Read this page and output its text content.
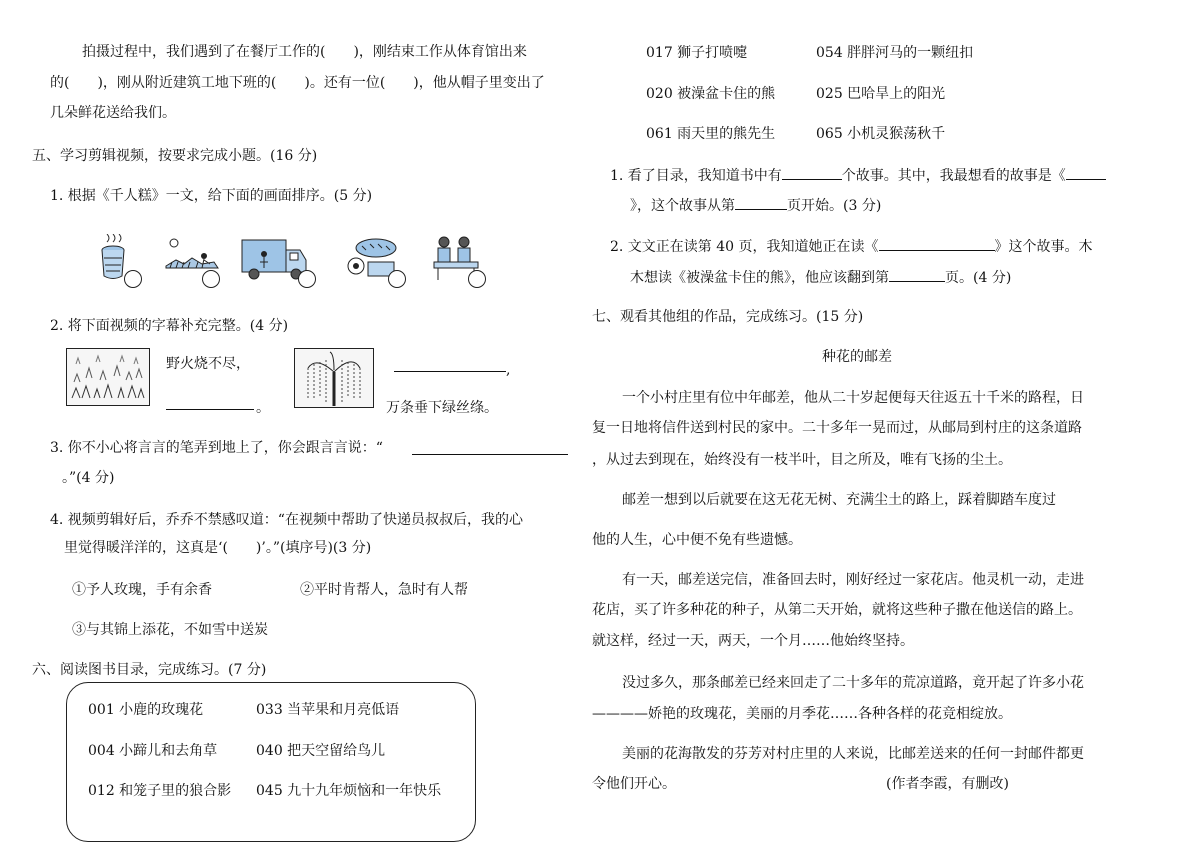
拍摄过程中，我们遇到了在餐厅工作的(　　)，刚结束工作从体育馆出来
的(　　)，刚从附近建筑工地下班的(　　)。还有一位(　　)，他从帽子里变出了
几朵鲜花送给我们。
五、学习剪辑视频，按要求完成小题。(16 分)
1. 根据《千人糕》一文，给下面的画面排序。(5 分)
2. 将下面视频的字幕补充完整。(4 分)
野火烧不尽，
。
,
万条垂下绿丝绦。
3. 你不小心将言言的笔弄到地上了，你会跟言言说：“
。”(4 分)
4. 视频剪辑好后，乔乔不禁感叹道：“在视频中帮助了快递员叔叔后，我的心
里觉得暖洋洋的，这真是‘(　　)’。”(填序号)(3 分)
①予人玫瑰，手有余香	②平时肯帮人，急时有人帮
③与其锦上添花，不如雪中送炭
六、阅读图书目录，完成练习。(7 分)
001 小鹿的玫瑰花	033 当苹果和月亮低语
004 小蹄儿和去角草	040 把天空留给鸟儿
012 和笼子里的狼合影 045 九十九年烦恼和一年快乐
017 狮子打喷嚏	054 胖胖河马的一颗纽扣
020 被澡盆卡住的熊	025 巴哈旱上的阳光
061 雨天里的熊先生	065 小机灵猴荡秋千
1. 看了目录，我知道书中有	个故事。其中，我最想看的故事是《
》，这个故事从第	页开始。(3 分)
2. 文文正在读第 40 页，我知道她正在读《	》这个故事。木
木想读《被澡盆卡住的熊》，他应该翻到第	页。(4 分)
七、观看其他组的作品，完成练习。(15 分)
种花的邮差
一个小村庄里有位中年邮差，他从二十岁起便每天往返五十千米的路程，日
复一日地将信件送到村民的家中。二十多年一晃而过，从邮局到村庄的这条道路
，从过去到现在，始终没有一枝半叶，目之所及，唯有飞扬的尘土。
邮差一想到以后就要在这无花无树、充满尘土的路上，踩着脚踏车度过
他的人生，心中便不免有些遗憾。
有一天，邮差送完信，准备回去时，刚好经过一家花店。他灵机一动，走进
花店，买了许多种花的种子，从第二天开始，就将这些种子撒在他送信的路上。
就这样，经过一天，两天，一个月……他始终坚持。
没过多久，那条邮差已经来回走了二十多年的荒凉道路，竟开起了许多小花
————娇艳的玫瑰花，美丽的月季花……各种各样的花竞相绽放。
美丽的花海散发的芬芳对村庄里的人来说，比邮差送来的任何一封邮件都更
令他们开心。	(作者李霞，有删改)
